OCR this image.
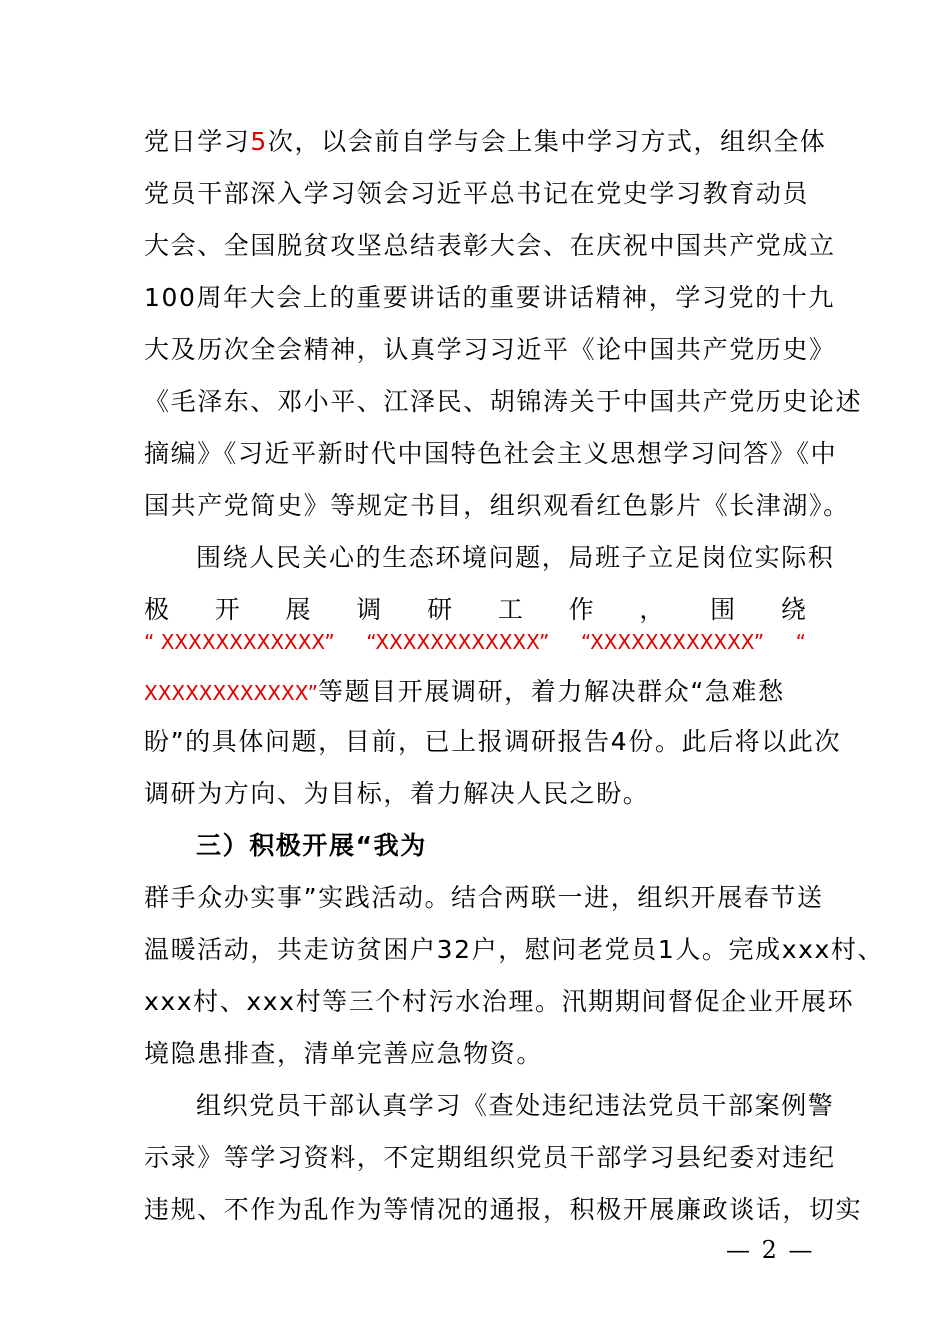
党日学习5次，以会前自学与会上集中学习方式，组织全体
党员干部深入学习领会习近平总书记在党史学习教育动员
大会、全国脱贫攻坚总结表彰大会、在庆祝中国共产党成立
100周年大会上的重要讲话的重要讲话精神，学习党的十九
大及历次全会精神，认真学习习近平《论中国共产党历史》
《毛泽东、邓小平、江泽民、胡锦涛关于中国共产党历史论述
摘编》《习近平新时代中国特色社会主义思想学习问答》《中
国共产党简史》等规定书目，组织观看红色影片《长津湖》。
围绕人民关心的生态环境问题，局班子立足岗位实际积
极 开 展 调 研 工 作 ， 围 绕
“ XXXXXXXXXXXX” “XXXXXXXXXXXX” “XXXXXXXXXXXX” “
XXXXXXXXXXXX”等题目开展调研，着力解决群众“急难愁
盼”的具体问题，目前，已上报调研报告4份。此后将以此次
调研为方向、为目标，着力解决人民之盼。
三）积极开展“我为
群手众办实事”实践活动。结合两联一进，组织开展春节送
温暖活动，共走访贫困户32户，慰问老党员1人。完成xxx村、
xxx村、xxx村等三个村污水治理。汛期期间督促企业开展环
境隐患排查，清单完善应急物资。
组织党员干部认真学习《查处违纪违法党员干部案例警
示录》等学习资料，不定期组织党员干部学习县纪委对违纪
违规、不作为乱作为等情况的通报，积极开展廉政谈话，切实
— 2 —
